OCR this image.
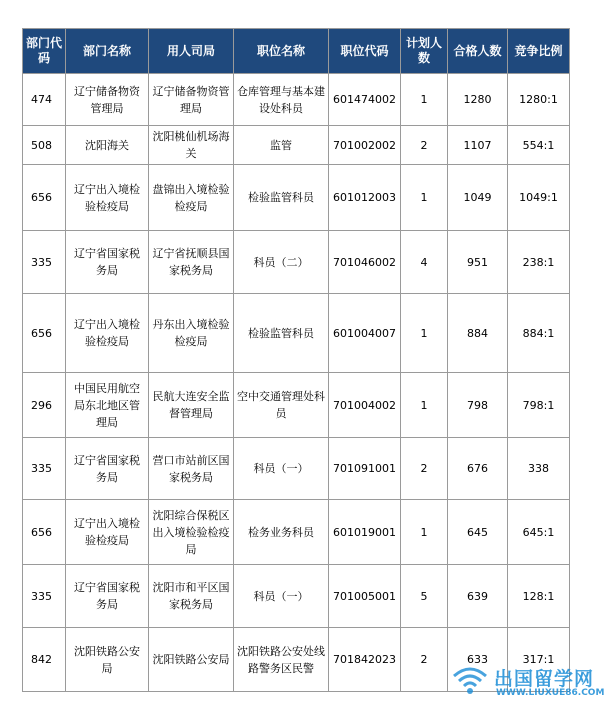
部门代码	部门名称	用人司局	职位名称	职位代码	计划人数	合格人数	竞争比例
474	辽宁储备物资管理局	辽宁储备物资管理局	仓库管理与基本建设处科员	601474002	1	1280	1280:1
508	沈阳海关	沈阳桃仙机场海关	监管	701002002	2	1107	554:1
656	辽宁出入境检验检疫局	盘锦出入境检验检疫局	检验监管科员	601012003	1	1049	1049:1
335	辽宁省国家税务局	辽宁省抚顺县国家税务局	科员（二）	701046002	4	951	238:1
656	辽宁出入境检验检疫局	丹东出入境检验检疫局	检验监管科员	601004007	1	884	884:1
296	中国民用航空局东北地区管理局	民航大连安全监督管理局	空中交通管理处科员	701004002	1	798	798:1
335	辽宁省国家税务局	营口市站前区国家税务局	科员（一）	701091001	2	676	338
656	辽宁出入境检验检疫局	沈阳综合保税区出入境检验检疫局	检务业务科员	601019001	1	645	645:1
335	辽宁省国家税务局	沈阳市和平区国家税务局	科员（一）	701005001	5	639	128:1
842	沈阳铁路公安局	沈阳铁路公安局	沈阳铁路公安处线路警务区民警	701842023	2	633	317:1
出国留学网
WWW.LIUXUE86.COM
